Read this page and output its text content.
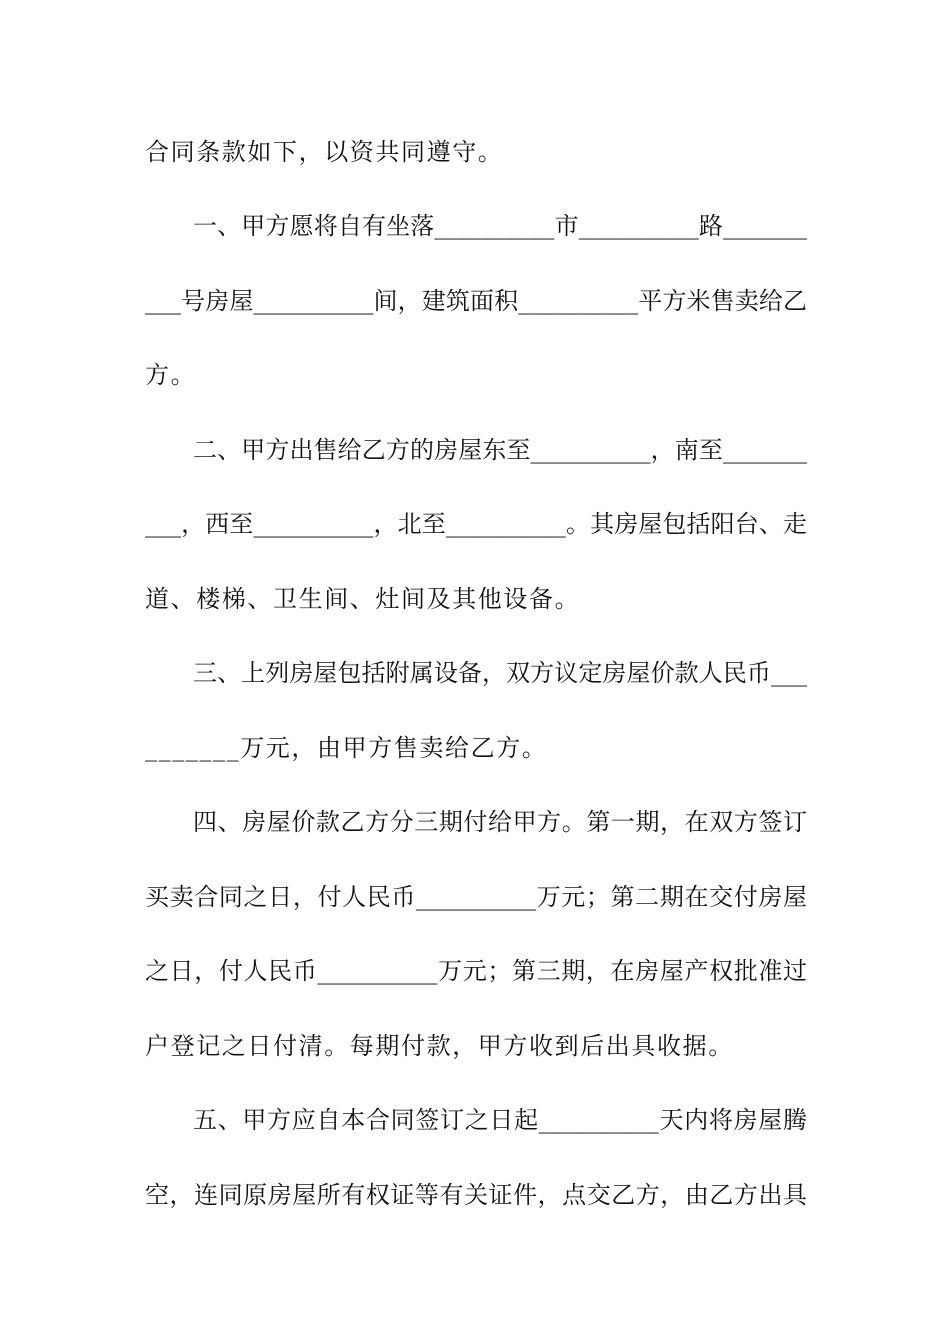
合同条款如下，以资共同遵守。
一、甲方愿将自有坐落__________市__________路_______
___号房屋__________间，建筑面积__________平方米售卖给乙
方。
二、甲方出售给乙方的房屋东至__________，南至_______
___，西至__________，北至__________。其房屋包括阳台、走
道、楼梯、卫生间、灶间及其他设备。
三、上列房屋包括附属设备，双方议定房屋价款人民币___
_______万元，由甲方售卖给乙方。
四、房屋价款乙方分三期付给甲方。第一期，在双方签订
买卖合同之日，付人民币__________万元；第二期在交付房屋
之日，付人民币__________万元；第三期，在房屋产权批准过
户登记之日付清。每期付款，甲方收到后出具收据。
五、甲方应自本合同签订之日起__________天内将房屋腾
空，连同原房屋所有权证等有关证件，点交乙方，由乙方出具
